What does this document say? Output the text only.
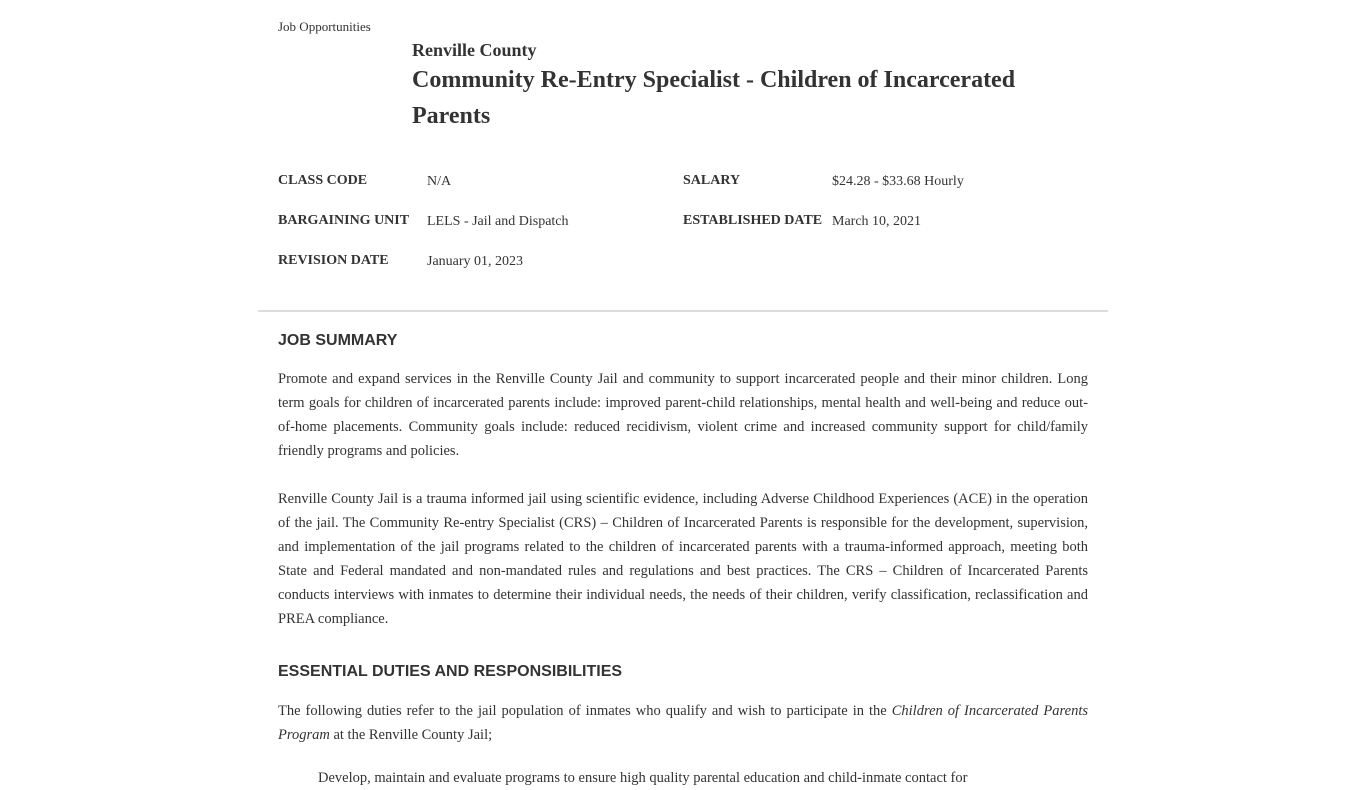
Job Opportunities

Renville County

Community Re-Entry Specialist - Children of Incarcerated Parents
CLASS CODE	N/A	SALARY	$24.28 - $33.68 Hourly
BARGAINING UNIT LELS - Jail and Dispatch	ESTABLISHED DATE March 10, 2021
REVISION DATE	January 01, 2023
JOB SUMMARY

Promote and expand services in the Renville County Jail and community to support incarcerated people and their minor children. Long term goals for children of incarcerated parents include: improved parent-child relationships, mental health and well-being and reduce out-of-home placements. Community goals include: reduced recidivism, violent crime and increased community support for child/family friendly programs and policies.

Renville County Jail is a trauma informed jail using scientific evidence, including Adverse Childhood Experiences (ACE) in the operation of the jail. The Community Re-entry Specialist (CRS) – Children of Incarcerated Parents is responsible for the development, supervision, and implementation of the jail programs related to the children of incarcerated parents with a trauma-informed approach, meeting both State and Federal mandated and non-mandated rules and regulations and best practices. The CRS – Children of Incarcerated Parents conducts interviews with inmates to determine their individual needs, the needs of their children, verify classification, reclassification and PREA compliance.

ESSENTIAL DUTIES AND RESPONSIBILITIES

The following duties refer to the jail population of inmates who qualify and wish to participate in the Children of Incarcerated Parents Program at the Renville County Jail;

Develop, maintain and evaluate programs to ensure high quality parental education and child-inmate contact for
